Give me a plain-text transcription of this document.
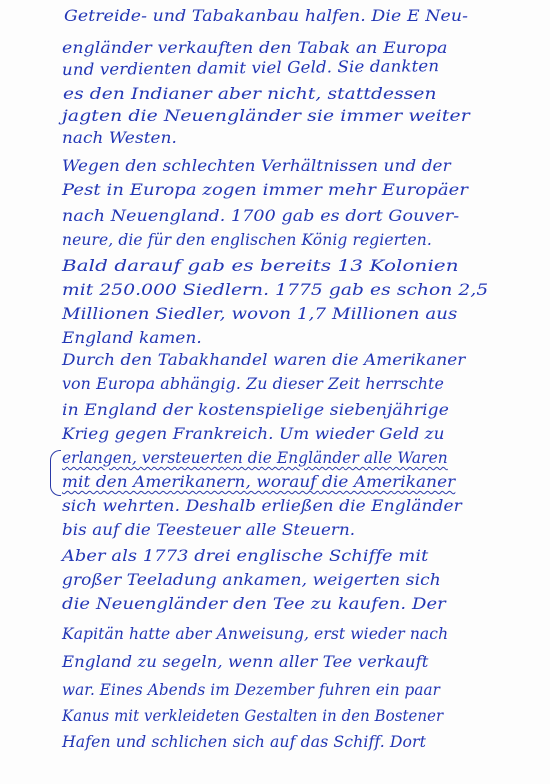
Getreide- und Tabakanbau halfen. Die E Neu-

engländer verkauften den Tabak an Europa

und verdienten damit viel Geld. Sie dankten

es den Indianer aber nicht, stattdessen

jagten die Neuengländer sie immer weiter

nach Westen.

Wegen den schlechten Verhältnissen und der

Pest in Europa zogen immer mehr Europäer

nach Neuengland. 1700 gab es dort Gouver-

neure, die für den englischen König regierten.

Bald darauf gab es bereits 13 Kolonien

mit 250.000 Siedlern. 1775 gab es schon 2,5

Millionen Siedler, wovon 1,7 Millionen aus

England kamen.

Durch den Tabakhandel waren die Amerikaner

von Europa abhängig. Zu dieser Zeit herrschte

in England der kostenspielige siebenjährige

Krieg gegen Frankreich. Um wieder Geld zu

erlangen, versteuerten die Engländer alle Waren

mit den Amerikanern, worauf die Amerikaner

sich wehrten. Deshalb erließen die Engländer

bis auf die Teesteuer alle Steuern.

Aber als 1773 drei englische Schiffe mit

großer Teeladung ankamen, weigerten sich

die Neuengländer den Tee zu kaufen. Der

Kapitän hatte aber Anweisung, erst wieder nach

England zu segeln, wenn aller Tee verkauft

war. Eines Abends im Dezember fuhren ein paar

Kanus mit verkleideten Gestalten in den Bostener

Hafen und schlichen sich auf das Schiff. Dort
